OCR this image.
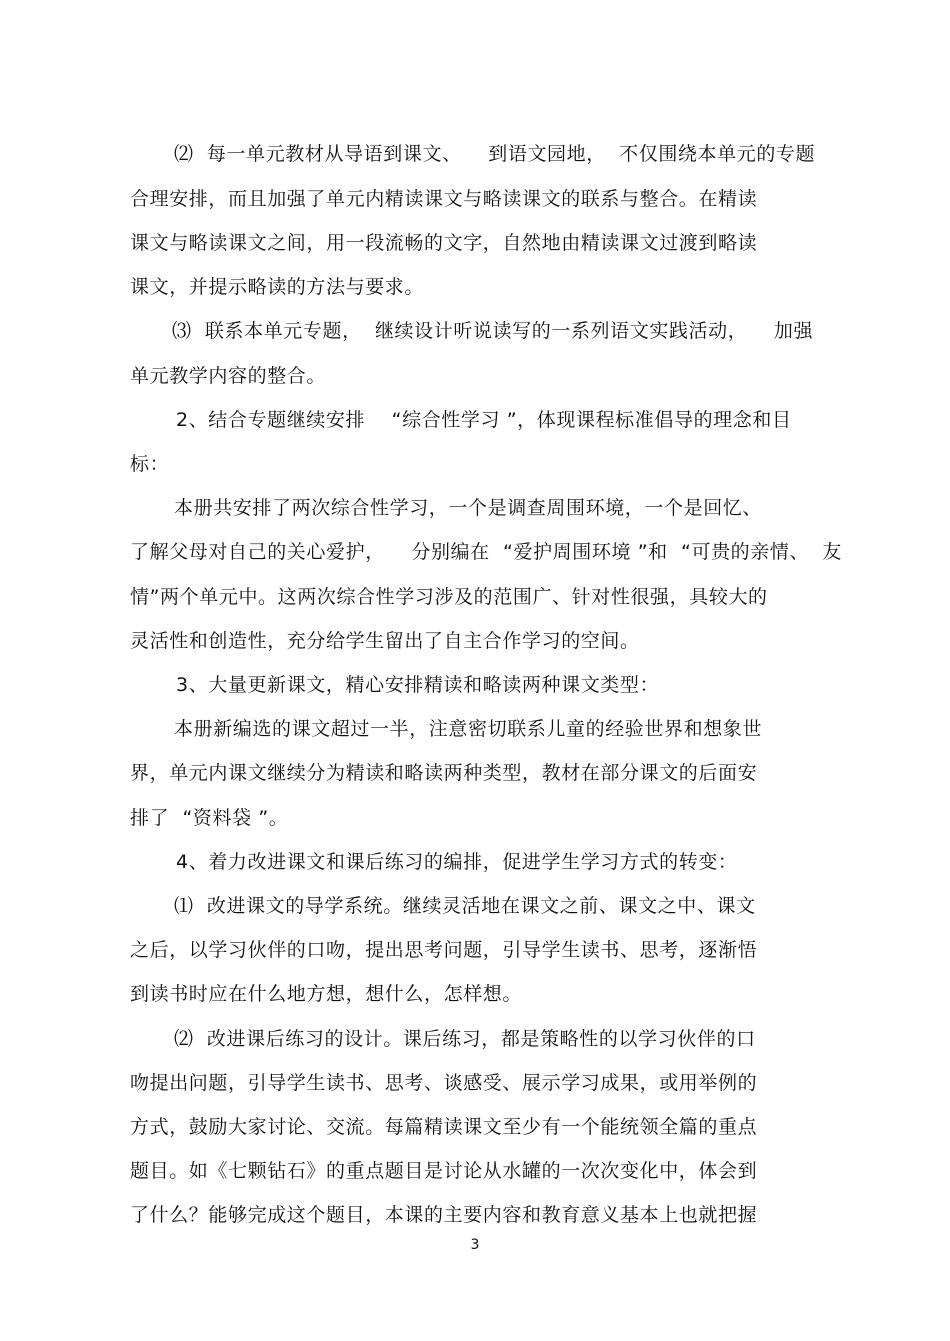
⑵  每一单元教材从导语到课文、    到语文园地，  不仅围绕本单元的专题
合理安排，而且加强了单元内精读课文与略读课文的联系与整合。在精读
课文与略读课文之间，用一段流畅的文字，自然地由精读课文过渡到略读
课文，并提示略读的方法与要求。
⑶  联系本单元专题，  继续设计听说读写的一系列语文实践活动，    加强
单元教学内容的整合。
2、结合专题继续安排    “综合性学习 ”，体现课程标准倡导的理念和目
标：
本册共安排了两次综合性学习，一个是调查周围环境，一个是回忆、
了解父母对自己的关心爱护，    分别编在  “爱护周围环境 ”和  “可贵的亲情、  友
情”两个单元中。这两次综合性学习涉及的范围广、针对性很强，具较大的
灵活性和创造性，充分给学生留出了自主合作学习的空间。
3、大量更新课文，精心安排精读和略读两种课文类型：
本册新编选的课文超过一半，注意密切联系儿童的经验世界和想象世
界，单元内课文继续分为精读和略读两种类型，教材在部分课文的后面安
排了  “资料袋 ”。
4、着力改进课文和课后练习的编排，促进学生学习方式的转变：
⑴  改进课文的导学系统。继续灵活地在课文之前、课文之中、课文
之后，以学习伙伴的口吻，提出思考问题，引导学生读书、思考，逐渐悟
到读书时应在什么地方想，想什么，怎样想。
⑵  改进课后练习的设计。课后练习，都是策略性的以学习伙伴的口
吻提出问题，引导学生读书、思考、谈感受、展示学习成果，或用举例的
方式，鼓励大家讨论、交流。每篇精读课文至少有一个能统领全篇的重点
题目。如《七颗钻石》的重点题目是讨论从水罐的一次次变化中，体会到
了什么？能够完成这个题目，本课的主要内容和教育意义基本上也就把握
3
